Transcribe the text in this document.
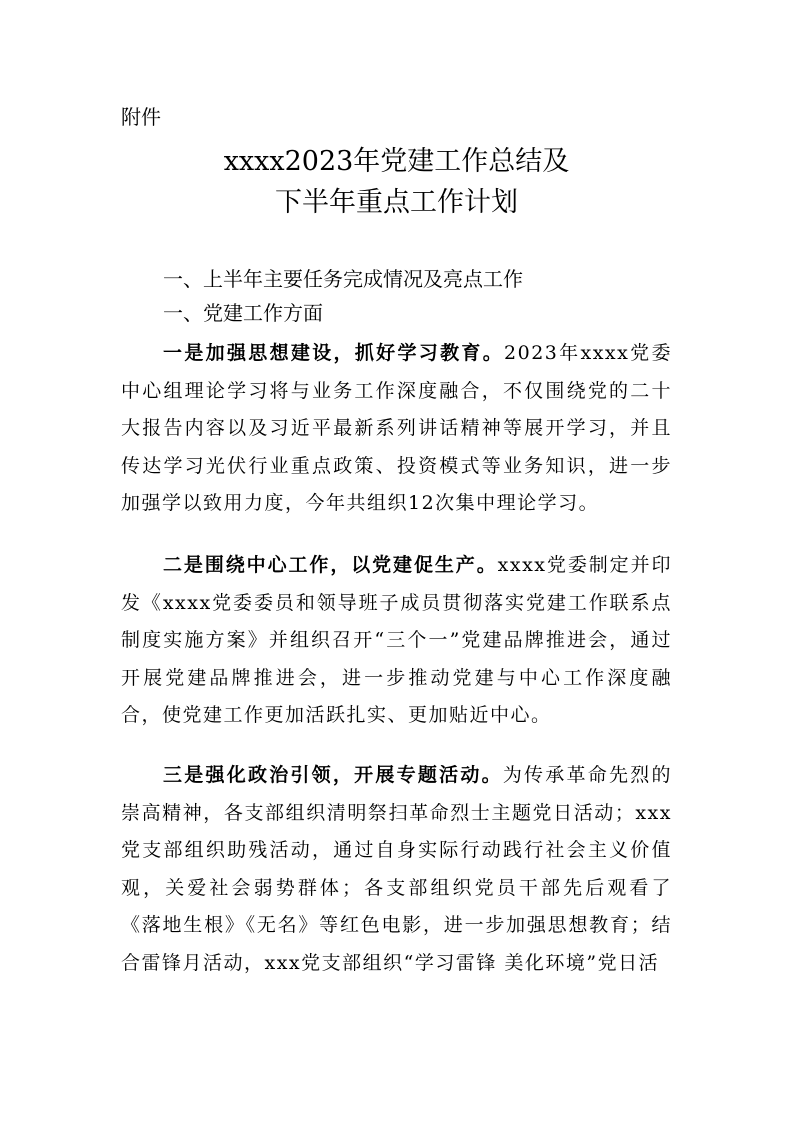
附件
xxxx2023年党建工作总结及
下半年重点工作计划
一、上半年主要任务完成情况及亮点工作
一、党建工作方面
一是加强思想建设，抓好学习教育。2023年xxxx党委中心组理论学习将与业务工作深度融合，不仅围绕党的二十大报告内容以及习近平最新系列讲话精神等展开学习，并且传达学习光伏行业重点政策、投资模式等业务知识，进一步加强学以致用力度，今年共组织12次集中理论学习。
二是围绕中心工作，以党建促生产。xxxx党委制定并印发《xxxx党委委员和领导班子成员贯彻落实党建工作联系点制度实施方案》并组织召开“三个一”党建品牌推进会，通过开展党建品牌推进会，进一步推动党建与中心工作深度融合，使党建工作更加活跃扎实、更加贴近中心。
三是强化政治引领，开展专题活动。为传承革命先烈的崇高精神，各支部组织清明祭扫革命烈士主题党日活动；xxx党支部组织助残活动，通过自身实际行动践行社会主义价值观，关爱社会弱势群体；各支部组织党员干部先后观看了《落地生根》《无名》等红色电影，进一步加强思想教育；结合雷锋月活动，xxx党支部组织“学习雷锋 美化环境”党日活
